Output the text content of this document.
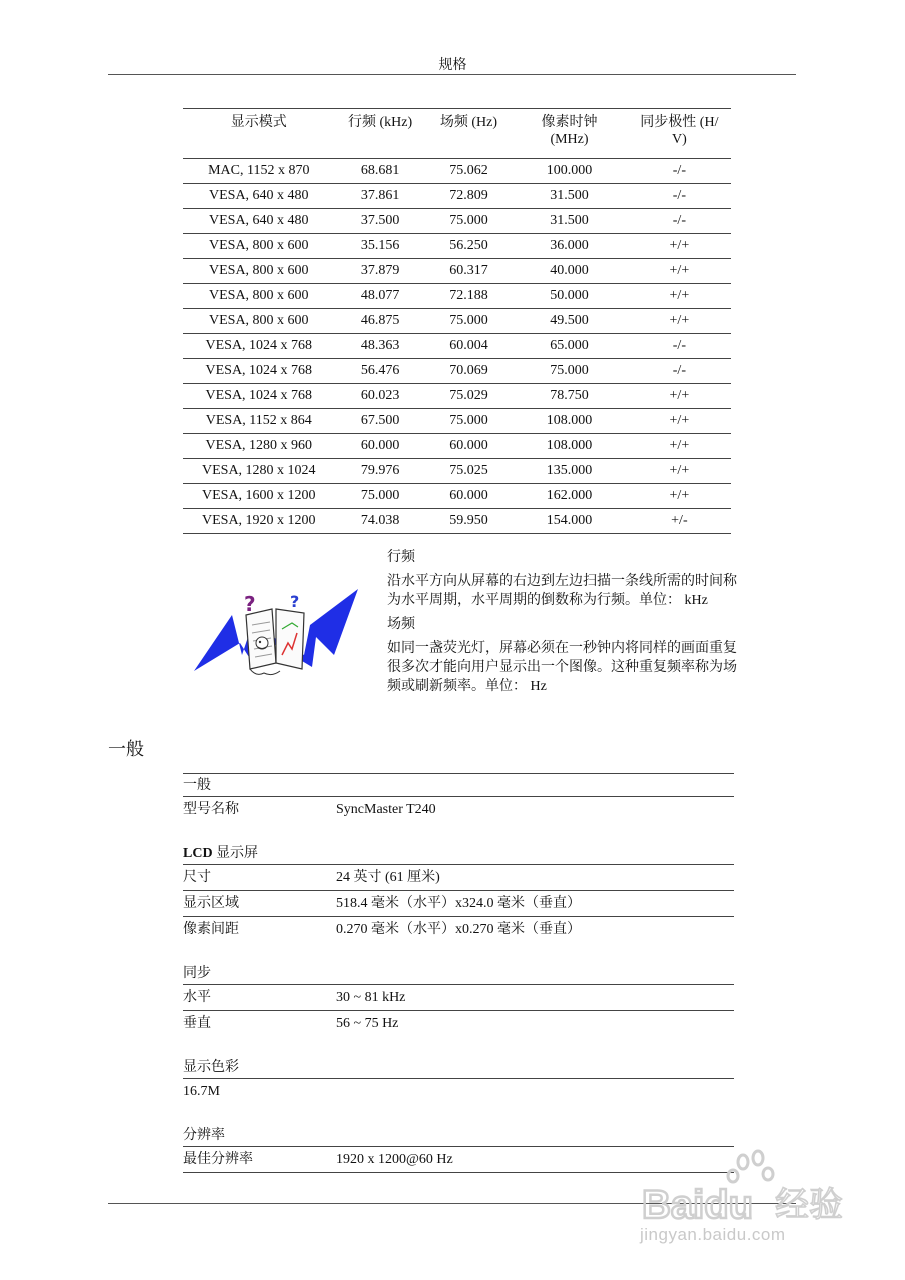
规格
显示模式	行频 (kHz)	场频 (Hz)	像素时钟 (MHz)	同步极性 (H/ V)
MAC, 1152 x 870	68.681	75.062	100.000	-/-
VESA, 640 x 480	37.861	72.809	31.500	-/-
VESA, 640 x 480	37.500	75.000	31.500	-/-
VESA, 800 x 600	35.156	56.250	36.000	+/+
VESA, 800 x 600	37.879	60.317	40.000	+/+
VESA, 800 x 600	48.077	72.188	50.000	+/+
VESA, 800 x 600	46.875	75.000	49.500	+/+
VESA, 1024 x 768	48.363	60.004	65.000	-/-
VESA, 1024 x 768	56.476	70.069	75.000	-/-
VESA, 1024 x 768	60.023	75.029	78.750	+/+
VESA, 1152 x 864	67.500	75.000	108.000	+/+
VESA, 1280 x 960	60.000	60.000	108.000	+/+
VESA, 1280 x 1024	79.976	75.025	135.000	+/+
VESA, 1600 x 1200	75.000	60.000	162.000	+/+
VESA, 1920 x 1200	74.038	59.950	154.000	+/-
? ?
行频
沿水平方向从屏幕的右边到左边扫描一条线所需的时间称为水平周期，水平周期的倒数称为行频。单位： kHz
场频
如同一盏荧光灯，屏幕必须在一秒钟内将同样的画面重复很多次才能向用户显示出一个图像。这种重复频率称为场频或刷新频率。单位： Hz
一般
一般
型号名称	SyncMaster T240
LCD 显示屏
尺寸	24 英寸 (61 厘米)
显示区域	518.4 毫米（水平）x324.0 毫米（垂直）
像素间距	0.270 毫米（水平）x0.270 毫米（垂直）
同步
水平	30 ~ 81 kHz
垂直	56 ~ 75 Hz
显示色彩
16.7M
分辨率
最佳分辨率	1920 x 1200@60 Hz
Baidu 经验
jingyan.baidu.com
